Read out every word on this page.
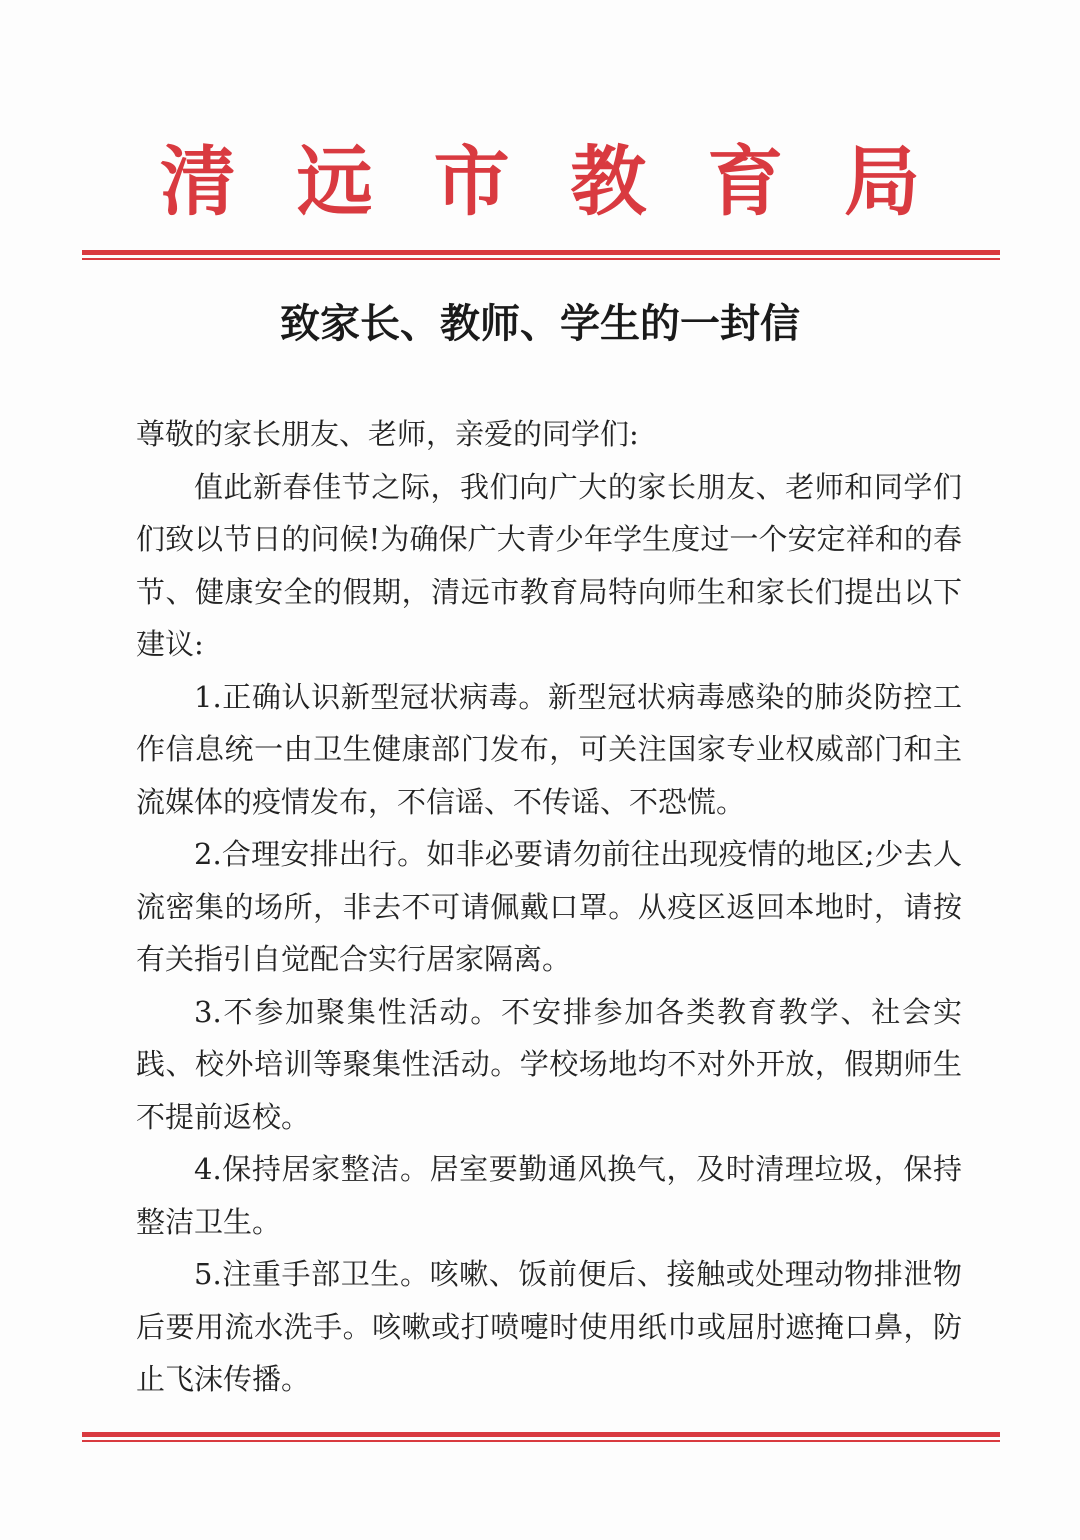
清 远 市 教 育 局
致家长、教师、学生的一封信

尊敬的家长朋友、老师，亲爱的同学们:

值此新春佳节之际，我们向广大的家长朋友、老师和同学们们致以节日的问候!为确保广大青少年学生度过一个安定祥和的春节、健康安全的假期，清远市教育局特向师生和家长们提出以下建议:

1.正确认识新型冠状病毒。新型冠状病毒感染的肺炎防控工作信息统一由卫生健康部门发布，可关注国家专业权威部门和主流媒体的疫情发布，不信谣、不传谣、不恐慌。

2.合理安排出行。如非必要请勿前往出现疫情的地区;少去人流密集的场所，非去不可请佩戴口罩。从疫区返回本地时，请按有关指引自觉配合实行居家隔离。

3.不参加聚集性活动。不安排参加各类教育教学、社会实践、校外培训等聚集性活动。学校场地均不对外开放，假期师生不提前返校。

4.保持居家整洁。居室要勤通风换气，及时清理垃圾，保持整洁卫生。

5.注重手部卫生。咳嗽、饭前便后、接触或处理动物排泄物后要用流水洗手。咳嗽或打喷嚏时使用纸巾或屈肘遮掩口鼻，防止飞沫传播。
